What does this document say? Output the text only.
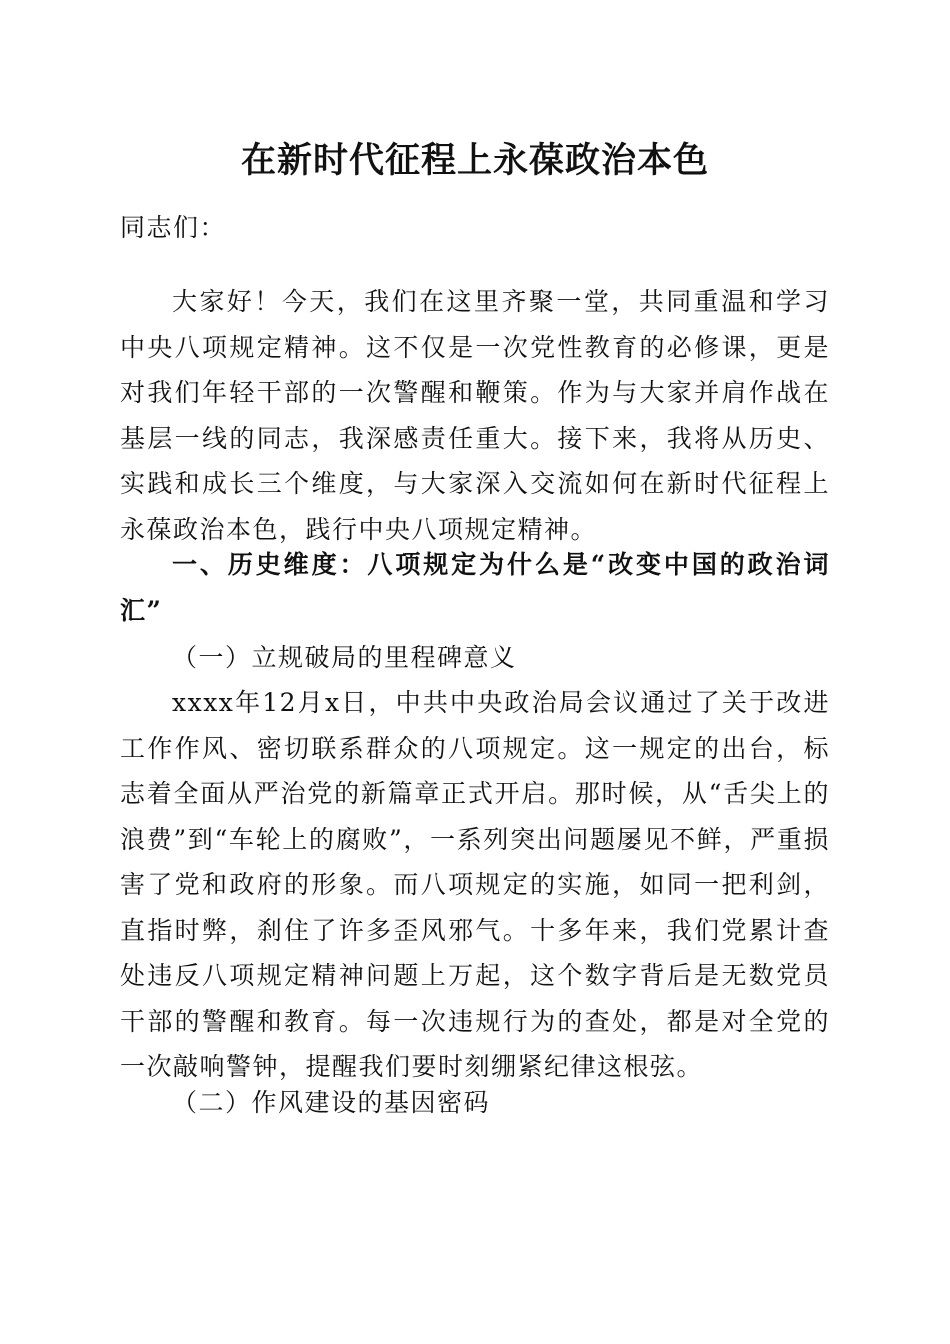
在新时代征程上永葆政治本色

同志们：

大家好！今天，我们在这里齐聚一堂，共同重温和学习中央八项规定精神。这不仅是一次党性教育的必修课，更是对我们年轻干部的一次警醒和鞭策。作为与大家并肩作战在基层一线的同志，我深感责任重大。接下来，我将从历史、实践和成长三个维度，与大家深入交流如何在新时代征程上永葆政治本色，践行中央八项规定精神。

一、历史维度：八项规定为什么是“改变中国的政治词汇”

（一）立规破局的里程碑意义

xxxx年12月x日，中共中央政治局会议通过了关于改进工作作风、密切联系群众的八项规定。这一规定的出台，标志着全面从严治党的新篇章正式开启。那时候，从“舌尖上的浪费”到“车轮上的腐败”，一系列突出问题屡见不鲜，严重损害了党和政府的形象。而八项规定的实施，如同一把利剑，直指时弊，刹住了许多歪风邪气。十多年来，我们党累计查处违反八项规定精神问题上万起，这个数字背后是无数党员干部的警醒和教育。每一次违规行为的查处，都是对全党的一次敲响警钟，提醒我们要时刻绷紧纪律这根弦。

（二）作风建设的基因密码
